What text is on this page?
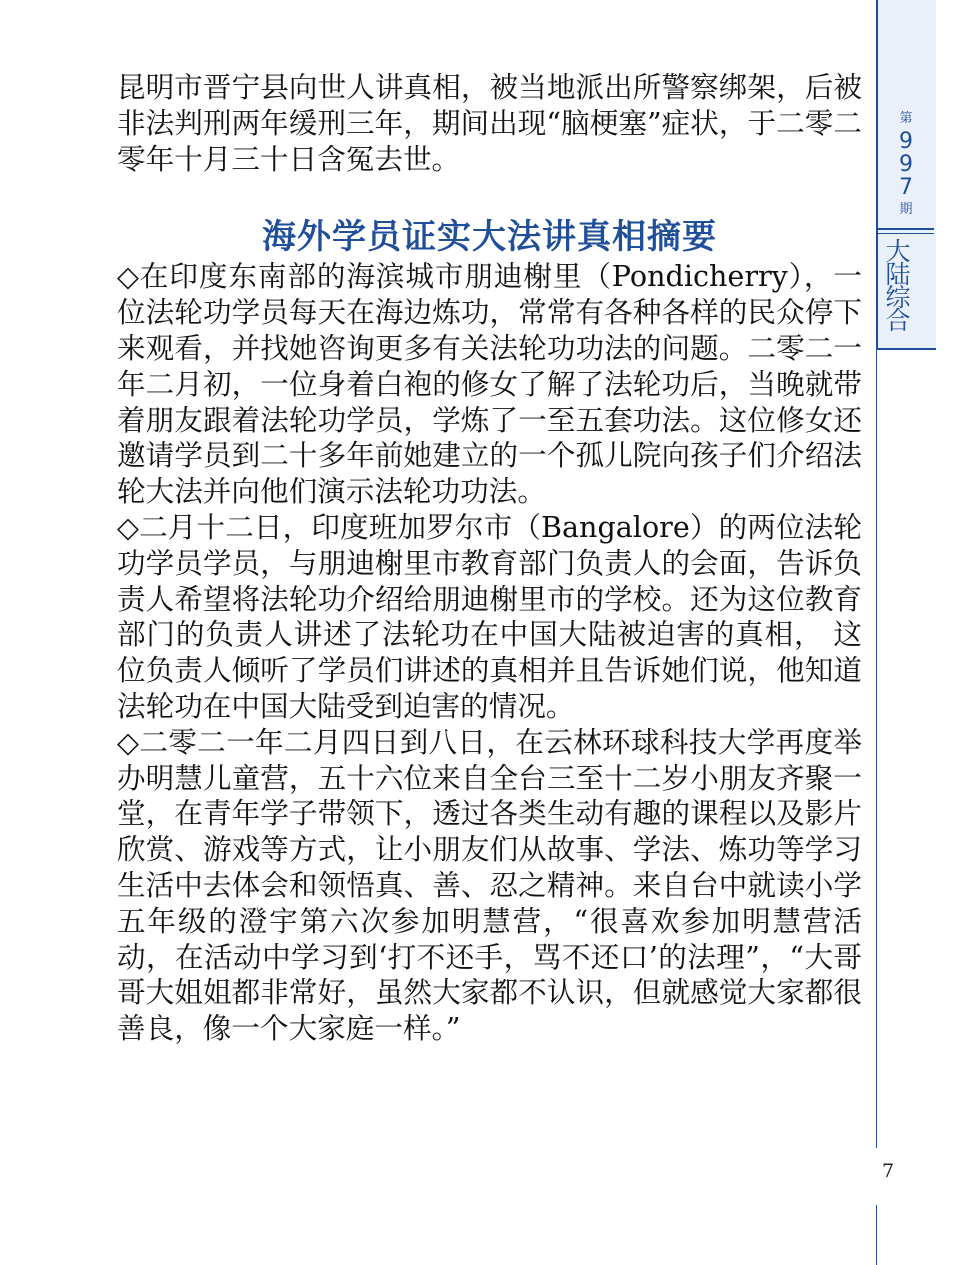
昆明市晋宁县向世人讲真相，被当地派出所警察绑架，后被非法判刑两年缓刑三年，期间出现“脑梗塞”症状，于二零二零年十月三十日含冤去世。

海外学员证实大法讲真相摘要

◇在印度东南部的海滨城市朋迪榭里（Pondicherry），一位法轮功学员每天在海边炼功，常常有各种各样的民众停下来观看，并找她咨询更多有关法轮功功法的问题。二零二一年二月初，一位身着白袍的修女了解了法轮功后，当晚就带着朋友跟着法轮功学员，学炼了一至五套功法。这位修女还邀请学员到二十多年前她建立的一个孤儿院向孩子们介绍法轮大法并向他们演示法轮功功法。

◇二月十二日，印度班加罗尔市（Bangalore）的两位法轮功学员学员，与朋迪榭里市教育部门负责人的会面，告诉负责人希望将法轮功介绍给朋迪榭里市的学校。还为这位教育部门的负责人讲述了法轮功在中国大陆被迫害的真相， 这位负责人倾听了学员们讲述的真相并且告诉她们说，他知道法轮功在中国大陆受到迫害的情况。

◇二零二一年二月四日到八日，在云林环球科技大学再度举办明慧儿童营，五十六位来自全台三至十二岁小朋友齐聚一堂，在青年学子带领下，透过各类生动有趣的课程以及影片欣赏、游戏等方式，让小朋友们从故事、学法、炼功等学习生活中去体会和领悟真、善、忍之精神。来自台中就读小学五年级的澄宇第六次参加明慧营，“很喜欢参加明慧营活动，在活动中学习到‘打不还手，骂不还口’的法理”，“大哥哥大姐姐都非常好，虽然大家都不认识，但就感觉大家都很善良，像一个大家庭一样。”

第
9
9
7
期
大
陆
综
合
7
